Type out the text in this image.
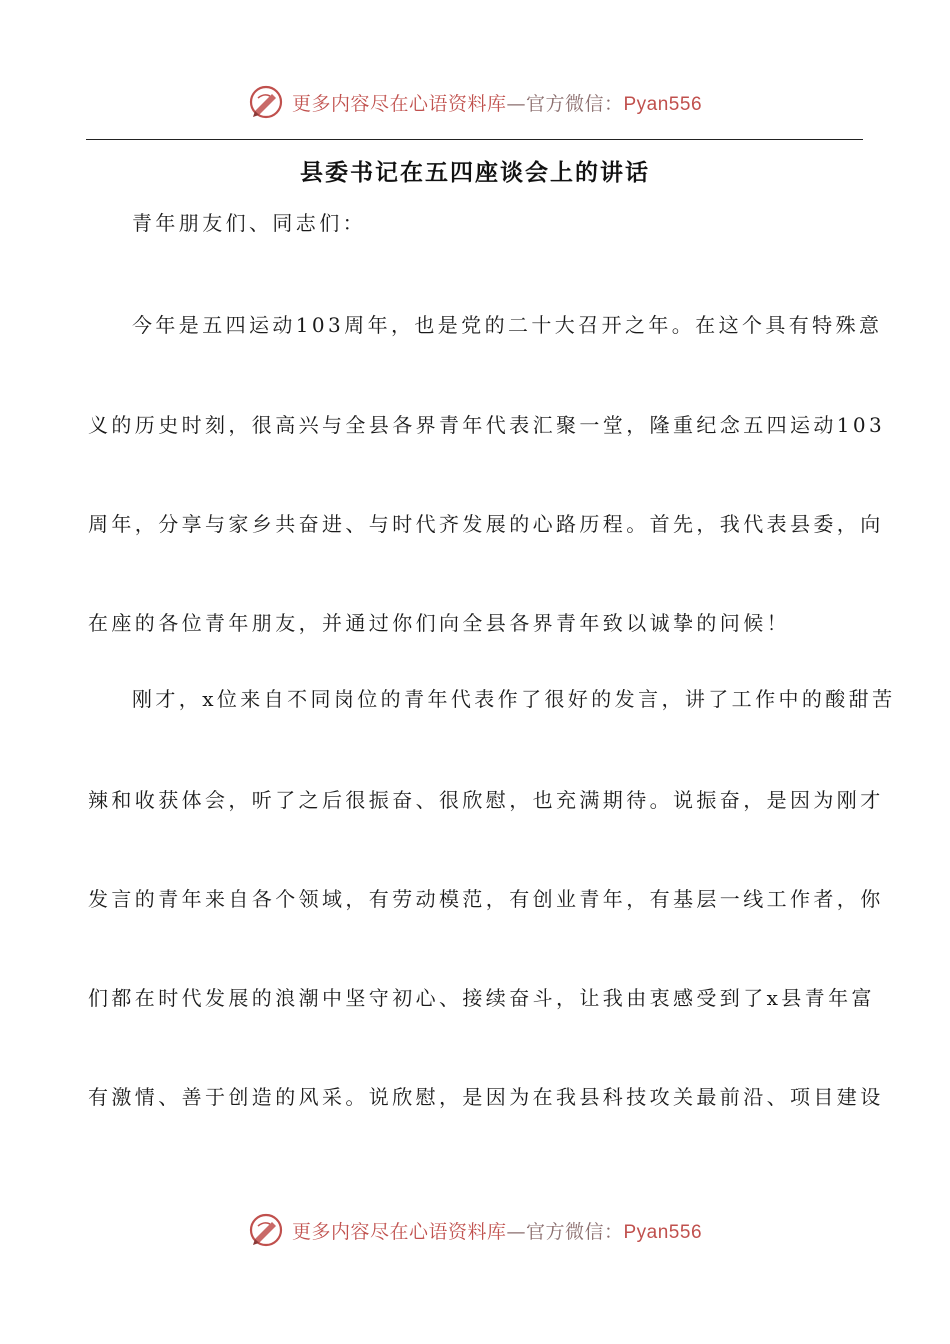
更多内容尽在心语资料库—官方微信：Pyan556
县委书记在五四座谈会上的讲话
青年朋友们、同志们：
今年是五四运动103周年，也是党的二十大召开之年。在这个具有特殊意
义的历史时刻，很高兴与全县各界青年代表汇聚一堂，隆重纪念五四运动103
周年，分享与家乡共奋进、与时代齐发展的心路历程。首先，我代表县委，向
在座的各位青年朋友，并通过你们向全县各界青年致以诚挚的问候！
刚才，x位来自不同岗位的青年代表作了很好的发言，讲了工作中的酸甜苦
辣和收获体会，听了之后很振奋、很欣慰，也充满期待。说振奋，是因为刚才
发言的青年来自各个领域，有劳动模范，有创业青年，有基层一线工作者，你
们都在时代发展的浪潮中坚守初心、接续奋斗，让我由衷感受到了x县青年富
有激情、善于创造的风采。说欣慰，是因为在我县科技攻关最前沿、项目建设
更多内容尽在心语资料库—官方微信：Pyan556
